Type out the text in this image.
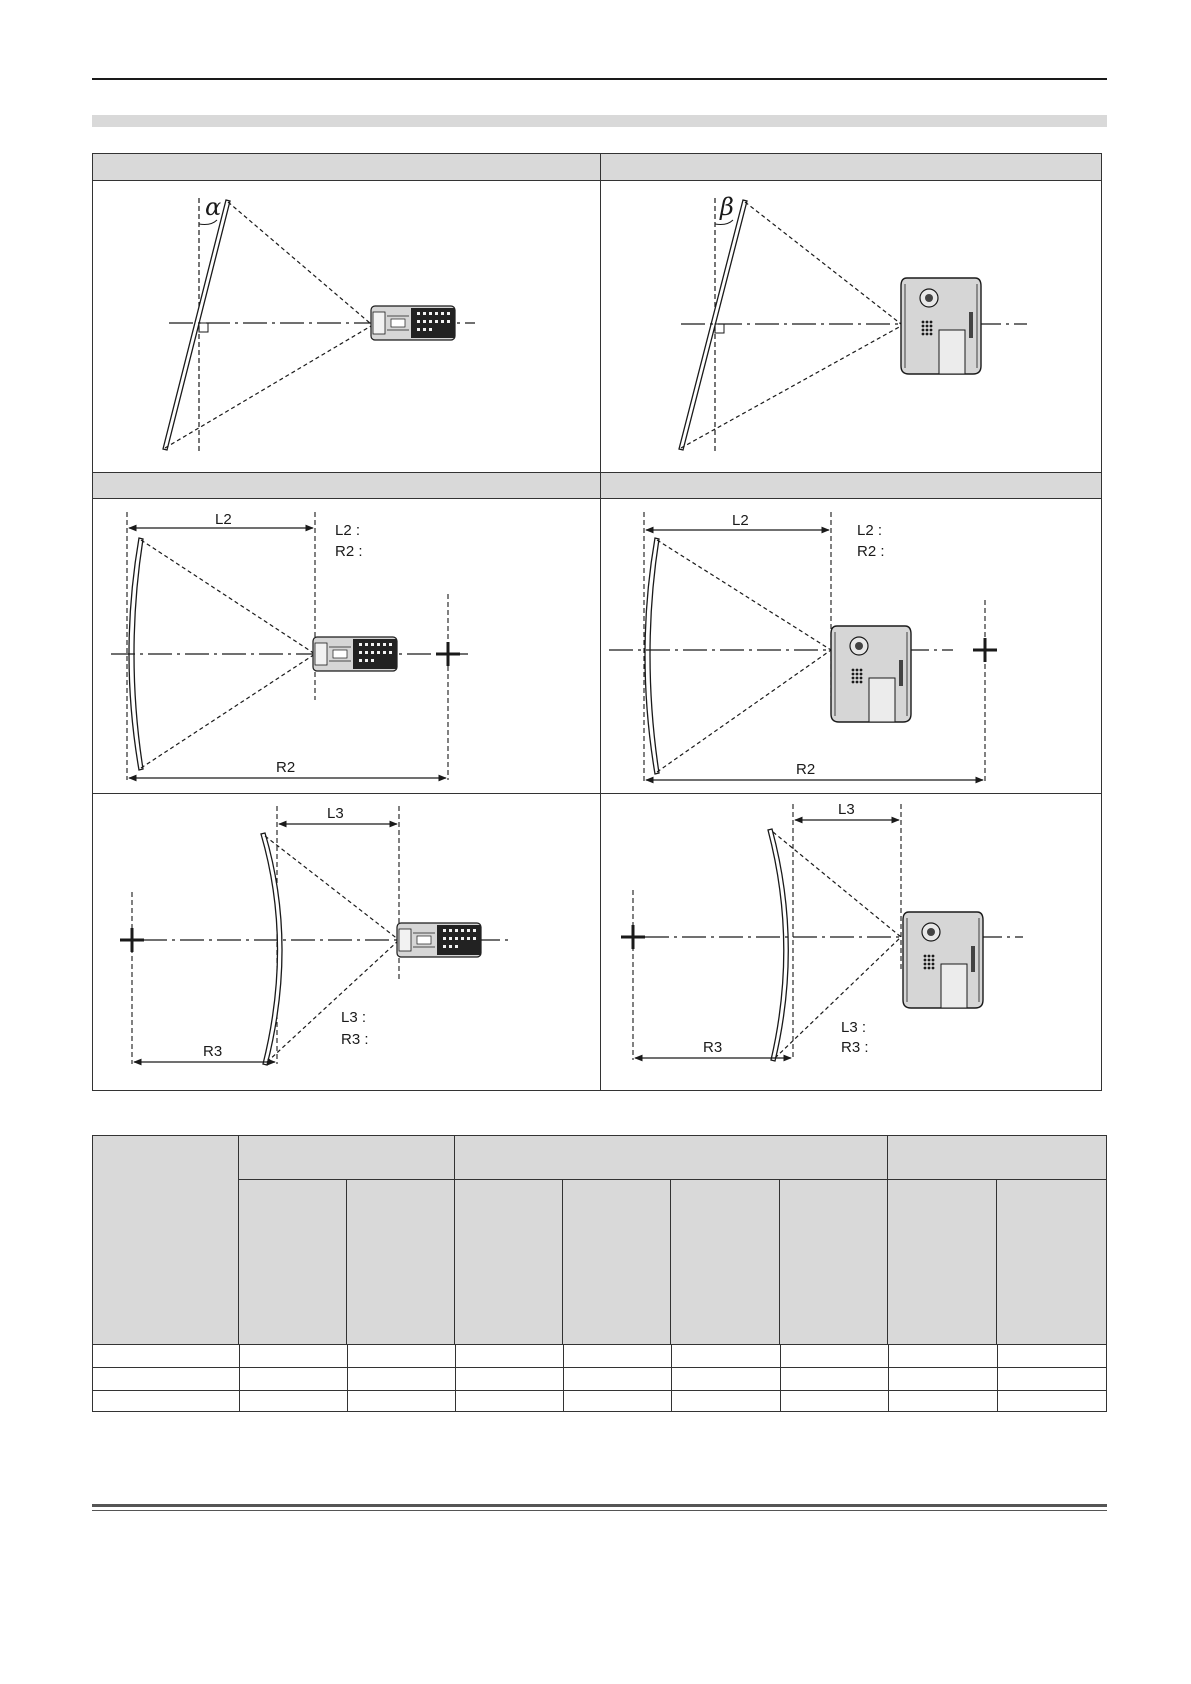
α	β
L2
L2 :
R2 :
R2
L2
L2 :
R2 :
R2
L3
L3 :
R3 :
R3
L3
L3 :
R3 :
R3
